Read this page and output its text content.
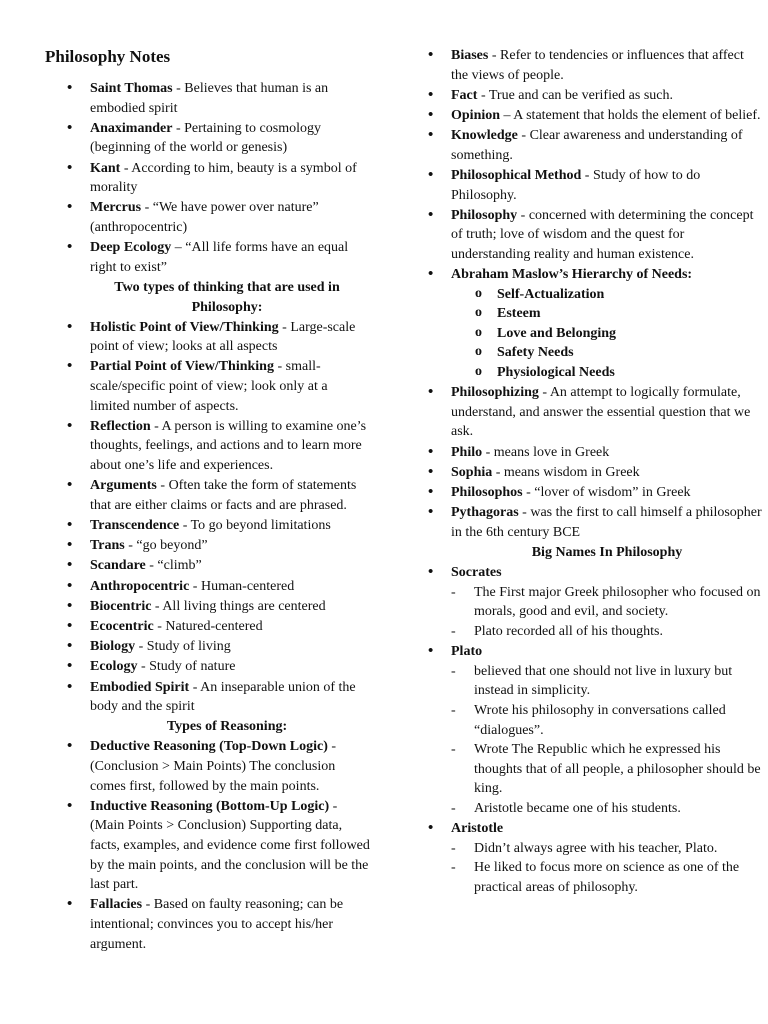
Philosophy Notes
• Saint Thomas - Believes that human is an embodied spirit
• Anaximander - Pertaining to cosmology (beginning of the world or genesis)
• Kant - According to him, beauty is a symbol of morality
• Mercrus - “We have power over nature” (anthropocentric)
• Deep Ecology – “All life forms have an equal right to exist”
Two types of thinking that are used in Philosophy:
• Holistic Point of View/Thinking - Large-scale point of view; looks at all aspects
• Partial Point of View/Thinking - small-scale/specific point of view; look only at a limited number of aspects.
• Reflection - A person is willing to examine one’s thoughts, feelings, and actions and to learn more about one’s life and experiences.
• Arguments - Often take the form of statements that are either claims or facts and are phrased.
• Transcendence - To go beyond limitations
• Trans - “go beyond”
• Scandare - “climb”
• Anthropocentric - Human-centered
• Biocentric - All living things are centered
• Ecocentric - Natured-centered
• Biology - Study of living
• Ecology - Study of nature
• Embodied Spirit - An inseparable union of the body and the spirit
Types of Reasoning:
• Deductive Reasoning (Top-Down Logic) - (Conclusion > Main Points) The conclusion comes first, followed by the main points.
• Inductive Reasoning (Bottom-Up Logic) - (Main Points > Conclusion) Supporting data, facts, examples, and evidence come first followed by the main points, and the conclusion will be the last part.
• Fallacies - Based on faulty reasoning; can be intentional; convinces you to accept his/her argument.
• Biases - Refer to tendencies or influences that affect the views of people.
• Fact - True and can be verified as such.
• Opinion – A statement that holds the element of belief.
• Knowledge - Clear awareness and understanding of something.
• Philosophical Method - Study of how to do Philosophy.
• Philosophy - concerned with determining the concept of truth; love of wisdom and the quest for understanding reality and human existence.
• Abraham Maslow’s Hierarchy of Needs:
o Self-Actualization
o Esteem
o Love and Belonging
o Safety Needs
o Physiological Needs
• Philosophizing - An attempt to logically formulate, understand, and answer the essential question that we ask.
• Philo - means love in Greek
• Sophia - means wisdom in Greek
• Philosophos - “lover of wisdom” in Greek
• Pythagoras - was the first to call himself a philosopher in the 6th century BCE
Big Names In Philosophy
• Socrates
- The First major Greek philosopher who focused on morals, good and evil, and society.
- Plato recorded all of his thoughts.
• Plato
- believed that one should not live in luxury but instead in simplicity.
- Wrote his philosophy in conversations called “dialogues”.
- Wrote The Republic which he expressed his thoughts that of all people, a philosopher should be king.
- Aristotle became one of his students.
• Aristotle
- Didn’t always agree with his teacher, Plato.
- He liked to focus more on science as one of the practical areas of philosophy.
